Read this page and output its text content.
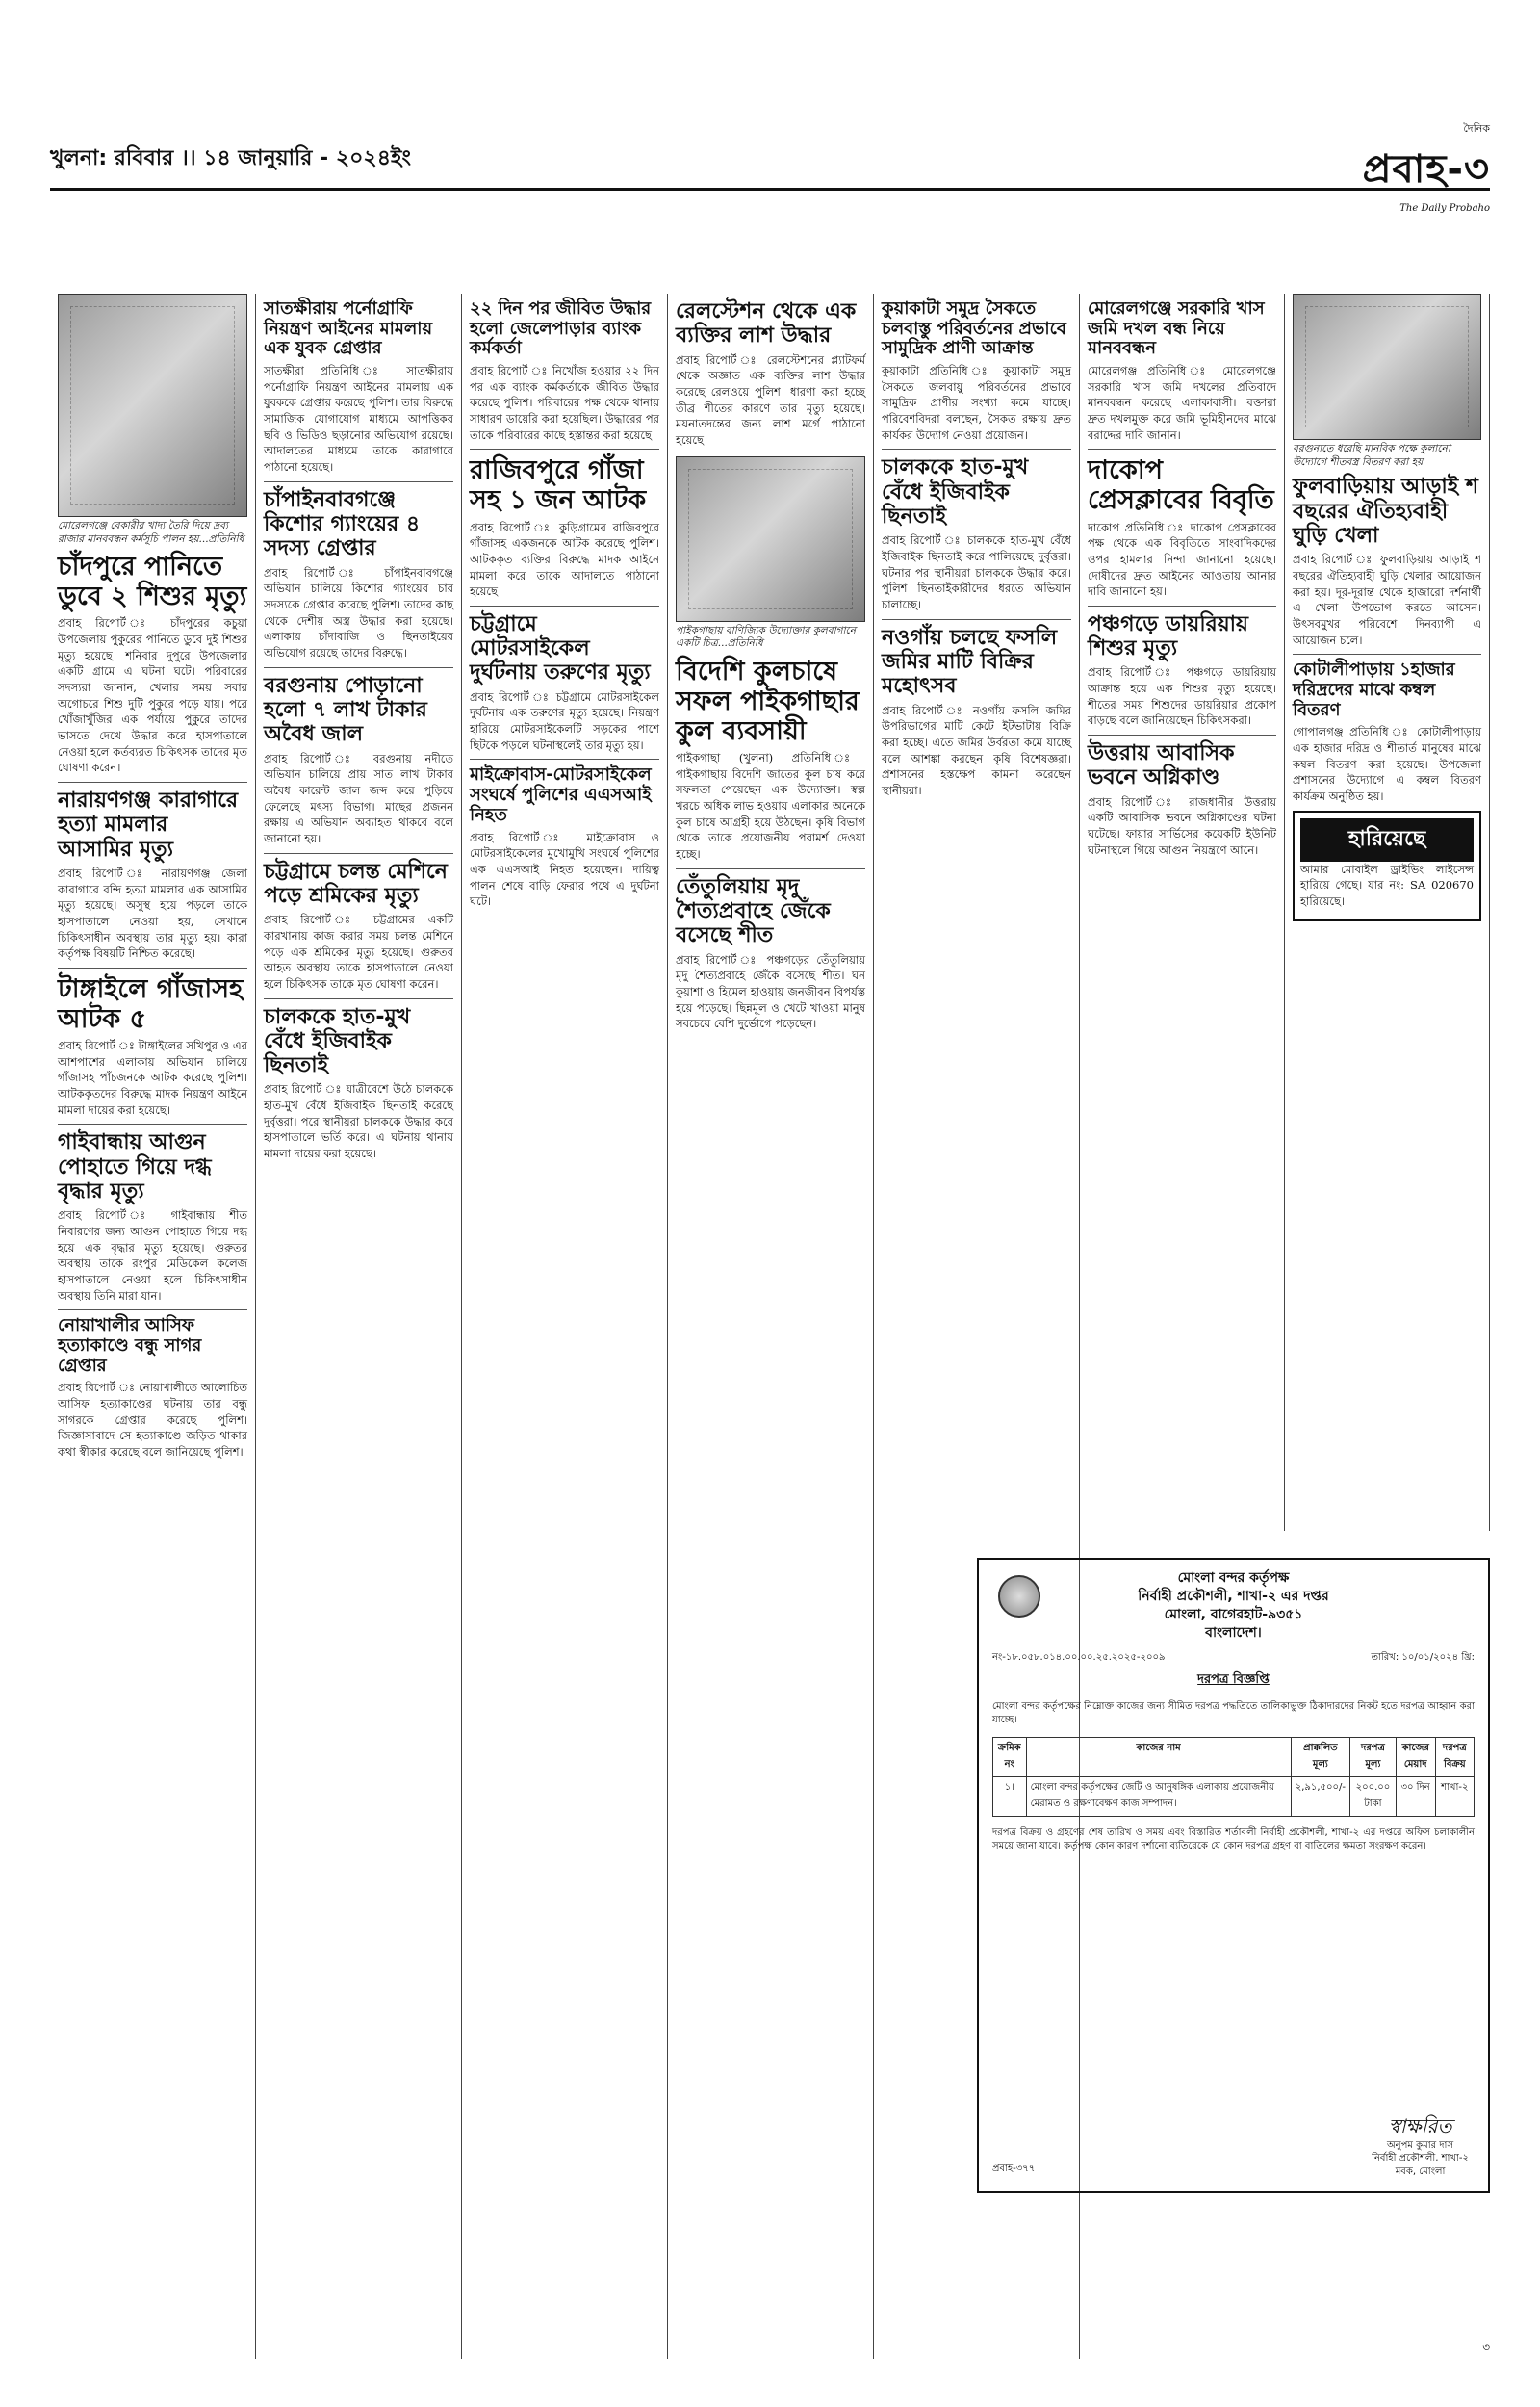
খুলনা: রবিবার ।। ১৪ জানুয়ারি - ২০২৪ইং
দৈনিক
প্রবাহ-৩
The Daily Probaho

মোরেলগঞ্জে বেকারীর খাদ্য তৈরি দিয়ে দ্রব্য রাজার মানববন্ধন কর্মসূচি পালন হয়...প্রতিনিধি

চাঁদপুরে পানিতে ডুবে ২ শিশুর মৃত্যু

প্রবাহ রিপোর্ট ঃ চাঁদপুরের কচুয়া উপজেলায় পুকুরের পানিতে ডুবে দুই শিশুর মৃত্যু হয়েছে। শনিবার দুপুরে উপজেলার একটি গ্রামে এ ঘটনা ঘটে। পরিবারের সদস্যরা জানান, খেলার সময় সবার অগোচরে শিশু দুটি পুকুরে পড়ে যায়। পরে খোঁজাখুঁজির এক পর্যায়ে পুকুরে তাদের ভাসতে দেখে উদ্ধার করে হাসপাতালে নেওয়া হলে কর্তব্যরত চিকিৎসক তাদের মৃত ঘোষণা করেন।

নারায়ণগঞ্জ কারাগারে হত্যা মামলার আসামির মৃত্যু

প্রবাহ রিপোর্ট ঃ নারায়ণগঞ্জ জেলা কারাগারে বন্দি হত্যা মামলার এক আসামির মৃত্যু হয়েছে। অসুস্থ হয়ে পড়লে তাকে হাসপাতালে নেওয়া হয়, সেখানে চিকিৎসাধীন অবস্থায় তার মৃত্যু হয়। কারা কর্তৃপক্ষ বিষয়টি নিশ্চিত করেছে।

টাঙ্গাইলে গাঁজাসহ আটক ৫

প্রবাহ রিপোর্ট ঃ টাঙ্গাইলের সখিপুর ও এর আশপাশের এলাকায় অভিযান চালিয়ে গাঁজাসহ পাঁচজনকে আটক করেছে পুলিশ। আটককৃতদের বিরুদ্ধে মাদক নিয়ন্ত্রণ আইনে মামলা দায়ের করা হয়েছে।

গাইবান্ধায় আগুন পোহাতে গিয়ে দগ্ধ বৃদ্ধার মৃত্যু

প্রবাহ রিপোর্ট ঃ গাইবান্ধায় শীত নিবারণের জন্য আগুন পোহাতে গিয়ে দগ্ধ হয়ে এক বৃদ্ধার মৃত্যু হয়েছে। গুরুতর অবস্থায় তাকে রংপুর মেডিকেল কলেজ হাসপাতালে নেওয়া হলে চিকিৎসাধীন অবস্থায় তিনি মারা যান।

নোয়াখালীর আসিফ হত্যাকাণ্ডে বন্ধু সাগর গ্রেপ্তার

প্রবাহ রিপোর্ট ঃ নোয়াখালীতে আলোচিত আসিফ হত্যাকাণ্ডের ঘটনায় তার বন্ধু সাগরকে গ্রেপ্তার করেছে পুলিশ। জিজ্ঞাসাবাদে সে হত্যাকাণ্ডে জড়িত থাকার কথা স্বীকার করেছে বলে জানিয়েছে পুলিশ।

সাতক্ষীরায় পর্নোগ্রাফি নিয়ন্ত্রণ আইনের মামলায় এক যুবক গ্রেপ্তার

সাতক্ষীরা প্রতিনিধি ঃ সাতক্ষীরায় পর্নোগ্রাফি নিয়ন্ত্রণ আইনের মামলায় এক যুবককে গ্রেপ্তার করেছে পুলিশ। তার বিরুদ্ধে সামাজিক যোগাযোগ মাধ্যমে আপত্তিকর ছবি ও ভিডিও ছড়ানোর অভিযোগ রয়েছে। আদালতের মাধ্যমে তাকে কারাগারে পাঠানো হয়েছে।

চাঁপাইনবাবগঞ্জে কিশোর গ্যাংয়ের ৪ সদস্য গ্রেপ্তার

প্রবাহ রিপোর্ট ঃ চাঁপাইনবাবগঞ্জে অভিযান চালিয়ে কিশোর গ্যাংয়ের চার সদস্যকে গ্রেপ্তার করেছে পুলিশ। তাদের কাছ থেকে দেশীয় অস্ত্র উদ্ধার করা হয়েছে। এলাকায় চাঁদাবাজি ও ছিনতাইয়ের অভিযোগ রয়েছে তাদের বিরুদ্ধে।

বরগুনায় পোড়ানো হলো ৭ লাখ টাকার অবৈধ জাল

প্রবাহ রিপোর্ট ঃ বরগুনায় নদীতে অভিযান চালিয়ে প্রায় সাত লাখ টাকার অবৈধ কারেন্ট জাল জব্দ করে পুড়িয়ে ফেলেছে মৎস্য বিভাগ। মাছের প্রজনন রক্ষায় এ অভিযান অব্যাহত থাকবে বলে জানানো হয়।

চট্টগ্রামে চলন্ত মেশিনে পড়ে শ্রমিকের মৃত্যু

প্রবাহ রিপোর্ট ঃ চট্টগ্রামের একটি কারখানায় কাজ করার সময় চলন্ত মেশিনে পড়ে এক শ্রমিকের মৃত্যু হয়েছে। গুরুতর আহত অবস্থায় তাকে হাসপাতালে নেওয়া হলে চিকিৎসক তাকে মৃত ঘোষণা করেন।

চালককে হাত-মুখ বেঁধে ইজিবাইক ছিনতাই

প্রবাহ রিপোর্ট ঃ যাত্রীবেশে উঠে চালককে হাত-মুখ বেঁধে ইজিবাইক ছিনতাই করেছে দুর্বৃত্তরা। পরে স্থানীয়রা চালককে উদ্ধার করে হাসপাতালে ভর্তি করে। এ ঘটনায় থানায় মামলা দায়ের করা হয়েছে।

২২ দিন পর জীবিত উদ্ধার হলো জেলেপাড়ার ব্যাংক কর্মকর্তা

প্রবাহ রিপোর্ট ঃ নিখোঁজ হওয়ার ২২ দিন পর এক ব্যাংক কর্মকর্তাকে জীবিত উদ্ধার করেছে পুলিশ। পরিবারের পক্ষ থেকে থানায় সাধারণ ডায়েরি করা হয়েছিল। উদ্ধারের পর তাকে পরিবারের কাছে হস্তান্তর করা হয়েছে।

রাজিবপুরে গাঁজা সহ ১ জন আটক

প্রবাহ রিপোর্ট ঃ কুড়িগ্রামের রাজিবপুরে গাঁজাসহ একজনকে আটক করেছে পুলিশ। আটককৃত ব্যক্তির বিরুদ্ধে মাদক আইনে মামলা করে তাকে আদালতে পাঠানো হয়েছে।

চট্টগ্রামে মোটরসাইকেল দুর্ঘটনায় তরুণের মৃত্যু

প্রবাহ রিপোর্ট ঃ চট্টগ্রামে মোটরসাইকেল দুর্ঘটনায় এক তরুণের মৃত্যু হয়েছে। নিয়ন্ত্রণ হারিয়ে মোটরসাইকেলটি সড়কের পাশে ছিটকে পড়লে ঘটনাস্থলেই তার মৃত্যু হয়।

মাইক্রোবাস-মোটরসাইকেল সংঘর্ষে পুলিশের এএসআই নিহত

প্রবাহ রিপোর্ট ঃ মাইক্রোবাস ও মোটরসাইকেলের মুখোমুখি সংঘর্ষে পুলিশের এক এএসআই নিহত হয়েছেন। দায়িত্ব পালন শেষে বাড়ি ফেরার পথে এ দুর্ঘটনা ঘটে।

রেলস্টেশন থেকে এক ব্যক্তির লাশ উদ্ধার

প্রবাহ রিপোর্ট ঃ রেলস্টেশনের প্ল্যাটফর্ম থেকে অজ্ঞাত এক ব্যক্তির লাশ উদ্ধার করেছে রেলওয়ে পুলিশ। ধারণা করা হচ্ছে তীব্র শীতের কারণে তার মৃত্যু হয়েছে। ময়নাতদন্তের জন্য লাশ মর্গে পাঠানো হয়েছে।

পাইকগাছায় বাণিজ্যিক উদ্যোক্তার কুলবাগানে একটি চিত্র...প্রতিনিধি

বিদেশি কুলচাষে সফল পাইকগাছার কুল ব্যবসায়ী

পাইকগাছা (খুলনা) প্রতিনিধি ঃ পাইকগাছায় বিদেশি জাতের কুল চাষ করে সফলতা পেয়েছেন এক উদ্যোক্তা। স্বল্প খরচে অধিক লাভ হওয়ায় এলাকার অনেকে কুল চাষে আগ্রহী হয়ে উঠছেন। কৃষি বিভাগ থেকে তাকে প্রয়োজনীয় পরামর্শ দেওয়া হচ্ছে।

তেঁতুলিয়ায় মৃদু শৈত্যপ্রবাহে জেঁকে বসেছে শীত

প্রবাহ রিপোর্ট ঃ পঞ্চগড়ের তেঁতুলিয়ায় মৃদু শৈত্যপ্রবাহে জেঁকে বসেছে শীত। ঘন কুয়াশা ও হিমেল হাওয়ায় জনজীবন বিপর্যস্ত হয়ে পড়েছে। ছিন্নমূল ও খেটে খাওয়া মানুষ সবচেয়ে বেশি দুর্ভোগে পড়েছেন।

কুয়াকাটা সমুদ্র সৈকতে চলবাস্তু পরিবর্তনের প্রভাবে সামুদ্রিক প্রাণী আক্রান্ত

কুয়াকাটা প্রতিনিধি ঃ কুয়াকাটা সমুদ্র সৈকতে জলবায়ু পরিবর্তনের প্রভাবে সামুদ্রিক প্রাণীর সংখ্যা কমে যাচ্ছে। পরিবেশবিদরা বলছেন, সৈকত রক্ষায় দ্রুত কার্যকর উদ্যোগ নেওয়া প্রয়োজন।

চালককে হাত-মুখ বেঁধে ইজিবাইক ছিনতাই

প্রবাহ রিপোর্ট ঃ চালককে হাত-মুখ বেঁধে ইজিবাইক ছিনতাই করে পালিয়েছে দুর্বৃত্তরা। ঘটনার পর স্থানীয়রা চালককে উদ্ধার করে। পুলিশ ছিনতাইকারীদের ধরতে অভিযান চালাচ্ছে।

নওগাঁয় চলছে ফসলি জমির মাটি বিক্রির মহোৎসব

প্রবাহ রিপোর্ট ঃ নওগাঁয় ফসলি জমির উপরিভাগের মাটি কেটে ইটভাটায় বিক্রি করা হচ্ছে। এতে জমির উর্বরতা কমে যাচ্ছে বলে আশঙ্কা করছেন কৃষি বিশেষজ্ঞরা। প্রশাসনের হস্তক্ষেপ কামনা করেছেন স্থানীয়রা।

মোরেলগঞ্জে সরকারি খাস জমি দখল বন্ধ নিয়ে মানববন্ধন

মোরেলগঞ্জ প্রতিনিধি ঃ মোরেলগঞ্জে সরকারি খাস জমি দখলের প্রতিবাদে মানববন্ধন করেছে এলাকাবাসী। বক্তারা দ্রুত দখলমুক্ত করে জমি ভূমিহীনদের মাঝে বরাদ্দের দাবি জানান।

দাকোপ প্রেসক্লাবের বিবৃতি

দাকোপ প্রতিনিধি ঃ দাকোপ প্রেসক্লাবের পক্ষ থেকে এক বিবৃতিতে সাংবাদিকদের ওপর হামলার নিন্দা জানানো হয়েছে। দোষীদের দ্রুত আইনের আওতায় আনার দাবি জানানো হয়।

পঞ্চগড়ে ডায়রিয়ায় শিশুর মৃত্যু

প্রবাহ রিপোর্ট ঃ পঞ্চগড়ে ডায়রিয়ায় আক্রান্ত হয়ে এক শিশুর মৃত্যু হয়েছে। শীতের সময় শিশুদের ডায়রিয়ার প্রকোপ বাড়ছে বলে জানিয়েছেন চিকিৎসকরা।

উত্তরায় আবাসিক ভবনে অগ্নিকাণ্ড

প্রবাহ রিপোর্ট ঃ রাজধানীর উত্তরায় একটি আবাসিক ভবনে অগ্নিকাণ্ডের ঘটনা ঘটেছে। ফায়ার সার্ভিসের কয়েকটি ইউনিট ঘটনাস্থলে গিয়ে আগুন নিয়ন্ত্রণে আনে।

বরগুনাতে ধরেছি মানবিক পক্ষে কুলানো উদ্যোগে শীতবস্ত্র বিতরণ করা হয়

ফুলবাড়িয়ায় আড়াই শ বছরের ঐতিহ্যবাহী ঘুড়ি খেলা

প্রবাহ রিপোর্ট ঃ ফুলবাড়িয়ায় আড়াই শ বছরের ঐতিহ্যবাহী ঘুড়ি খেলার আয়োজন করা হয়। দূর-দূরান্ত থেকে হাজারো দর্শনার্থী এ খেলা উপভোগ করতে আসেন। উৎসবমুখর পরিবেশে দিনব্যাপী এ আয়োজন চলে।

কোটালীপাড়ায় ১হাজার দরিদ্রদের মাঝে কম্বল বিতরণ

গোপালগঞ্জ প্রতিনিধি ঃ কোটালীপাড়ায় এক হাজার দরিদ্র ও শীতার্ত মানুষের মাঝে কম্বল বিতরণ করা হয়েছে। উপজেলা প্রশাসনের উদ্যোগে এ কম্বল বিতরণ কার্যক্রম অনুষ্ঠিত হয়।

হারিয়েছে

আমার মোবাইল ড্রাইভিং লাইসেন্স হারিয়ে গেছে। যার নং: SA 020670 হারিয়েছে।

৩
মোংলা বন্দর কর্তৃপক্ষ
নির্বাহী প্রকৌশলী, শাখা-২ এর দপ্তর
মোংলা, বাগেরহাট-৯৩৫১
বাংলাদেশ।
নং-১৮.০৫৮.০১৪.০০.০০.২৫.২০২৫-২০০৯	তারিখ: ১০/০১/২০২৪ খ্রি:
দরপত্র বিজ্ঞপ্তি

মোংলা বন্দর কর্তৃপক্ষের নিম্নোক্ত কাজের জন্য সীমিত দরপত্র পদ্ধতিতে তালিকাভুক্ত ঠিকাদারদের নিকট হতে দরপত্র আহ্বান করা যাচ্ছে।

ক্রমিক নং	কাজের নাম	প্রাক্কলিত মূল্য	দরপত্র মূল্য	কাজের মেয়াদ	দরপত্র বিক্রয়
১।	মোংলা বন্দর কর্তৃপক্ষের জেটি ও আনুষঙ্গিক এলাকায় প্রয়োজনীয় মেরামত ও রক্ষণাবেক্ষণ কাজ সম্পাদন।	২,৯১,৫০০/-	২০০.০০ টাকা	৩০ দিন	শাখা-২

দরপত্র বিক্রয় ও গ্রহণের শেষ তারিখ ও সময় এবং বিস্তারিত শর্তাবলী নির্বাহী প্রকৌশলী, শাখা-২ এর দপ্তরে অফিস চলাকালীন সময়ে জানা যাবে। কর্তৃপক্ষ কোন কারণ দর্শানো ব্যতিরেকে যে কোন দরপত্র গ্রহণ বা বাতিলের ক্ষমতা সংরক্ষণ করেন।

প্রবাহ-৩৭৭
স্বাক্ষরিত
অনুপম কুমার দাস
নির্বাহী প্রকৌশলী, শাখা-২
মবক, মোংলা
